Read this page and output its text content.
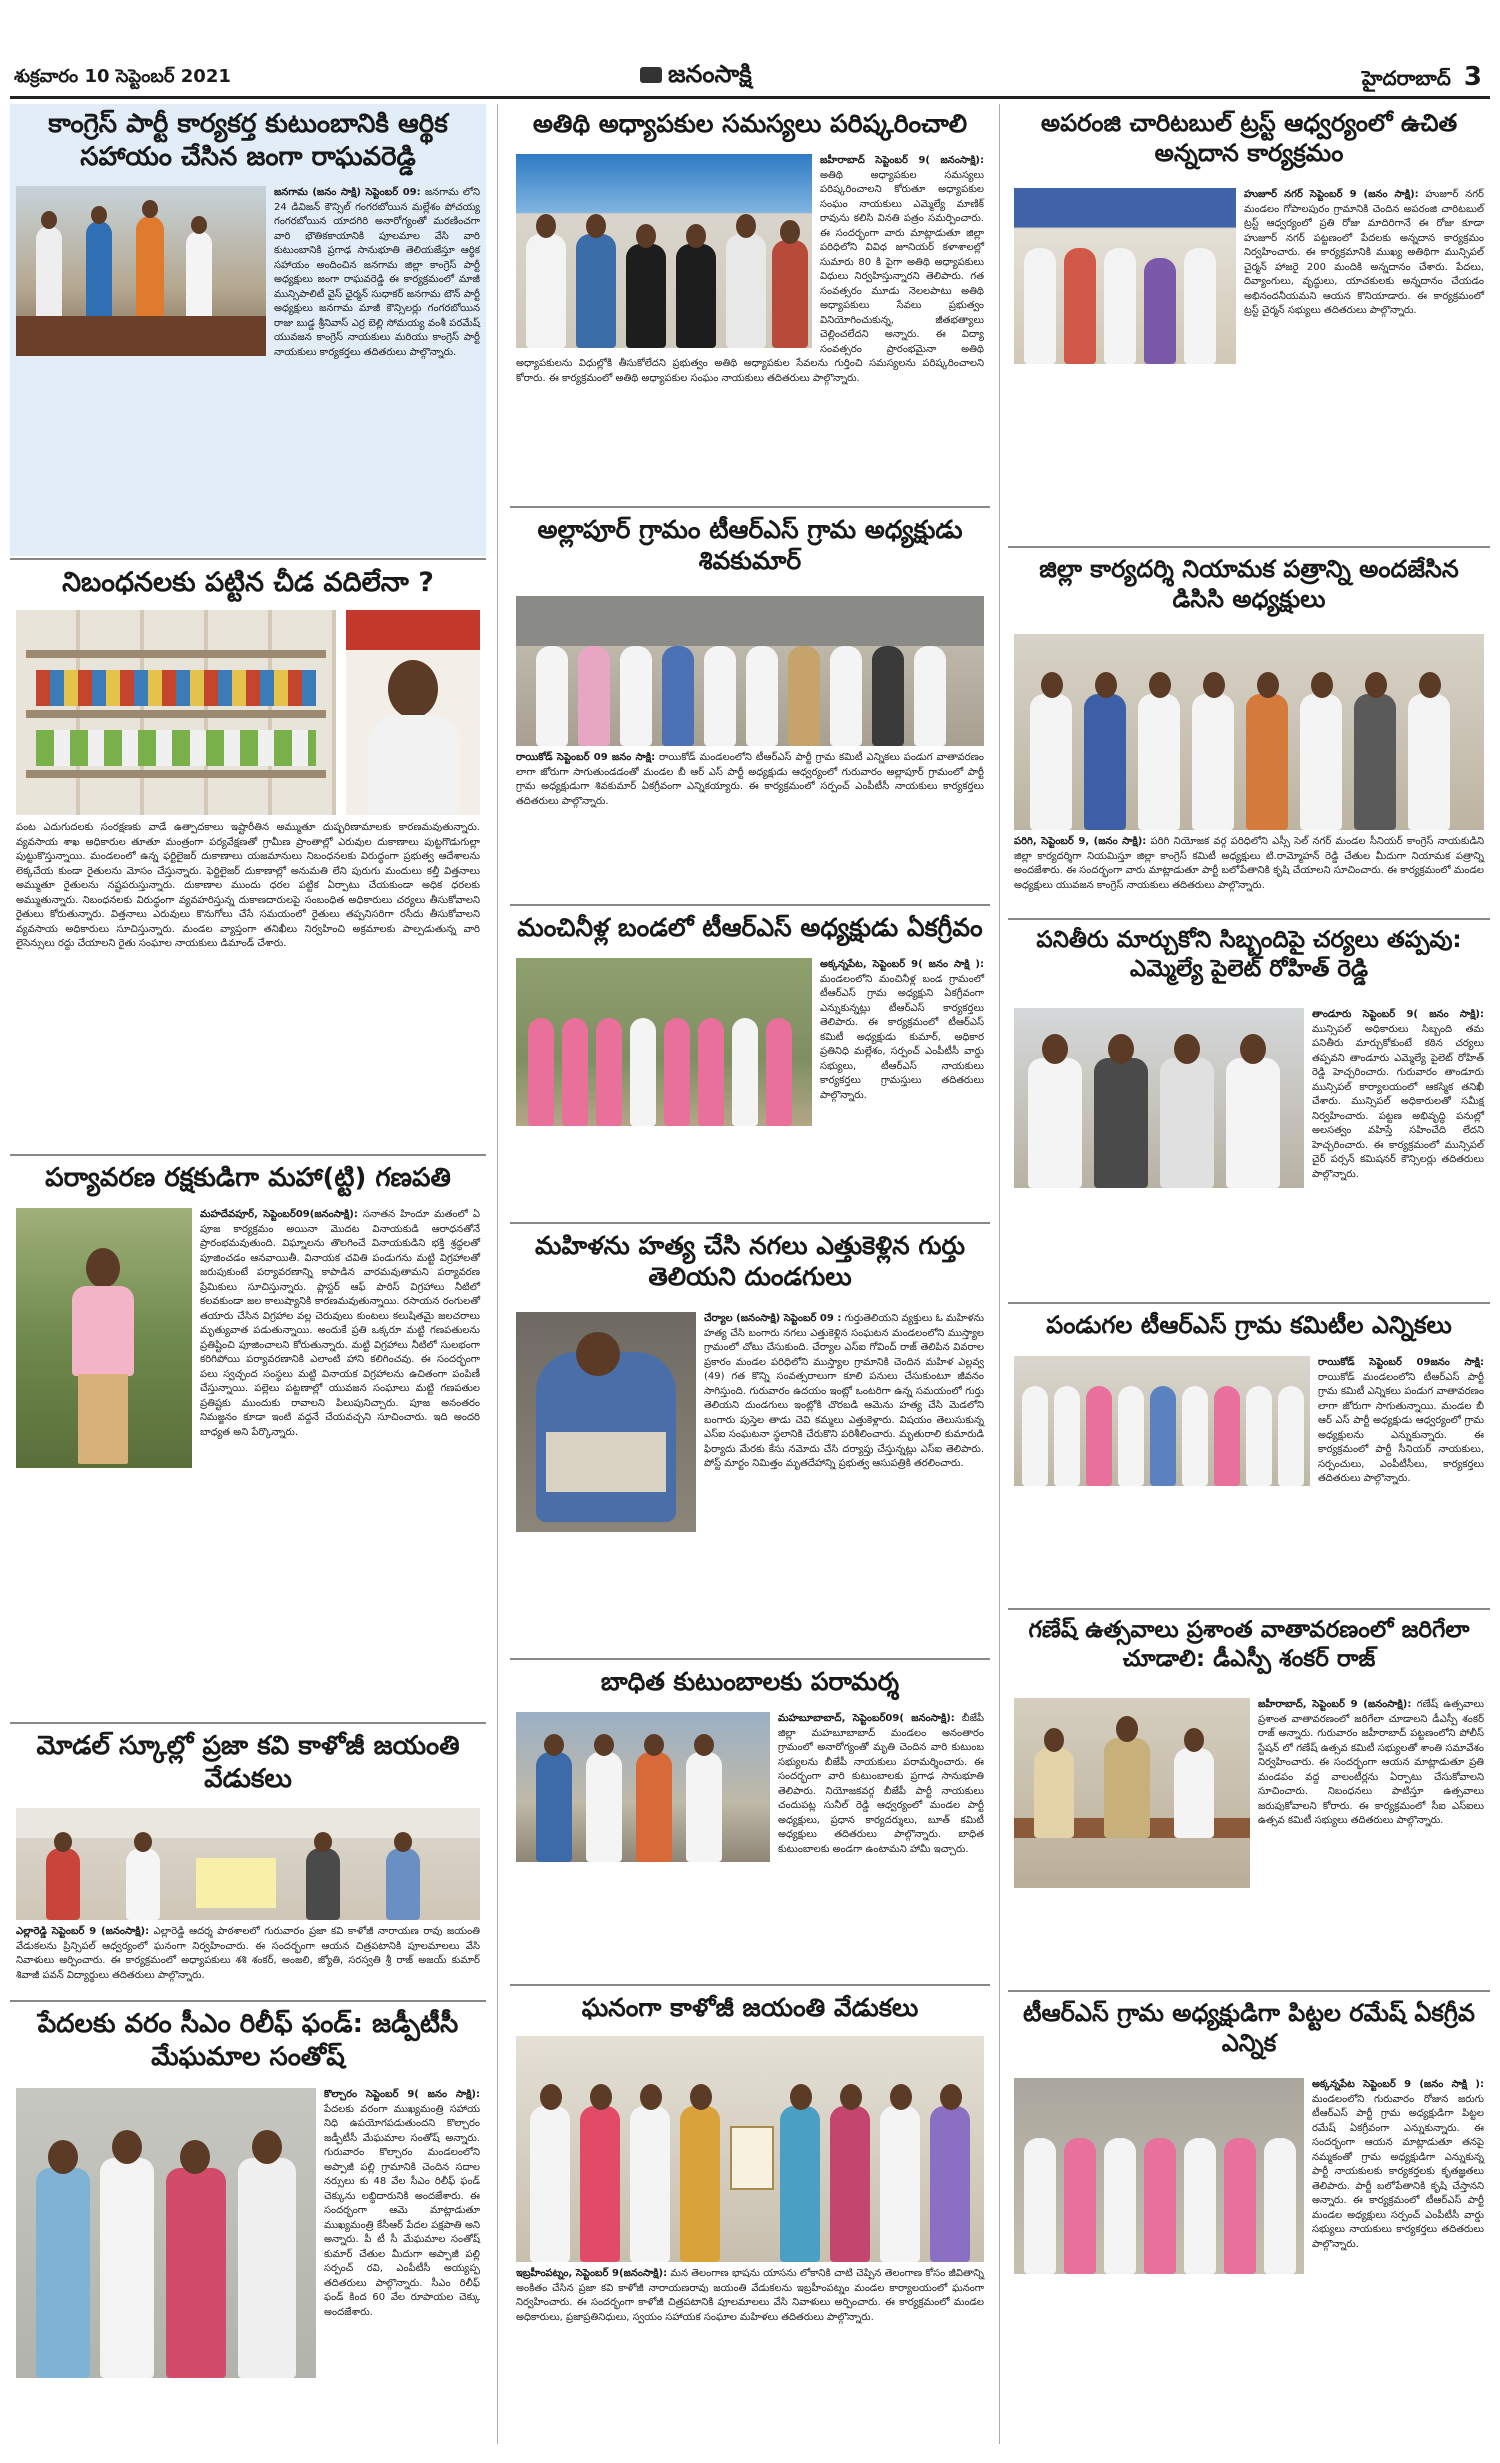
శుక్రవారం 10 సెప్టెంబర్ 2021	జనంసాక్షి	హైదరాబాద్ 3
కాంగ్రెస్ పార్టీ కార్యకర్త కుటుంబానికి ఆర్థిక సహాయం చేసిన జంగా రాఘవరెడ్డి
జనగామ (జనం సాక్షి) సెప్టెంబర్ 09: జనగామ లోని 24 డివిజన్ కౌన్సిల్ గంగరబోయిన మల్లేశం పోచయ్య గంగరబోయిన యాదగిరి అనారోగ్యంతో మరణించగా వారి భౌతికకాయానికి పూలమాల వేసి వారి కుటుంబానికి ప్రగాఢ సానుభూతి తెలియజేస్తూ ఆర్థిక సహాయం అందించిన జనగామ జిల్లా కాంగ్రెస్ పార్టీ అధ్యక్షులు జంగా రాఘవరెడ్డి ఈ కార్యక్రమంలో మాజీ మున్సిపాలిటీ వైస్ ఛైర్మన్ సుధాకర్ జనగామ టౌన్ పార్టీ అధ్యక్షులు జనగామ మాజీ కౌన్సిలర్లు గంగరబోయిన రాజు బుడ్డ శ్రీనివాస్ ఎర్ర బెల్లి సోమయ్య వంశీ పరమేష్ యువజన కాంగ్రెస్ నాయకులు మరియు కాంగ్రెస్ పార్టీ నాయకులు కార్యకర్తలు తదితరులు పాల్గొన్నారు.
నిబంధనలకు పట్టిన చీడ వదిలేనా ?
పంట ఎదుగుదలకు సంరక్షణకు వాడే ఉత్పాదకాలు ఇష్టారీతిన అమ్ముతూ దుష్పరిణామాలకు కారణమవుతున్నారు. వ్యవసాయ శాఖ అధికారుల తూతూ మంత్రంగా పర్యవేక్షణతో గ్రామీణ ప్రాంతాల్లో ఎరువుల దుకాణాలు పుట్టగొడుగుల్లా పుట్టుకొస్తున్నాయి. మండలంలో ఉన్న ఫర్టిలైజర్ దుకాణాలు యజమానులు నిబంధనలకు విరుద్ధంగా ప్రభుత్వ ఆదేశాలను లెక్కచేయ కుండా రైతులను మోసం చేస్తున్నారు. ఫెర్టిలైజర్ దుకాణాల్లో అనుమతి లేని పురుగు మందులు కల్తీ విత్తనాలు అమ్ముతూ రైతులను నష్టపరుస్తున్నారు. దుకాణాల ముందు ధరల పట్టిక ఏర్పాటు చేయకుండా అధిక ధరలకు అమ్ముతున్నారు. నిబంధనలకు విరుద్ధంగా వ్యవహరిస్తున్న దుకాణదారులపై సంబంధిత అధికారులు చర్యలు తీసుకోవాలని రైతులు కోరుతున్నారు. విత్తనాలు ఎరువులు కొనుగోలు చేసే సమయంలో రైతులు తప్పనిసరిగా రసీదు తీసుకోవాలని వ్యవసాయ అధికారులు సూచిస్తున్నారు. మండల వ్యాప్తంగా తనిఖీలు నిర్వహించి అక్రమాలకు పాల్పడుతున్న వారి లైసెన్సులు రద్దు చేయాలని రైతు సంఘాల నాయకులు డిమాండ్ చేశారు.
పర్యావరణ రక్షకుడిగా మహా(ట్టి) గణపతి
మహదేవపూర్, సెప్టెంబర్09(జనంసాక్షి): సనాతన హిందూ మతంలో ఏ పూజ కార్యక్రమం అయినా మొదట వినాయకుడి ఆరాధనతోనే ప్రారంభమవుతుంది. విఘ్నాలను తొలగించే వినాయకుడిని భక్తి శ్రద్ధలతో పూజించడం ఆనవాయితీ. వినాయక చవితి పండుగను మట్టి విగ్రహాలతో జరుపుకుంటే పర్యావరణాన్ని కాపాడిన వారమవుతామని పర్యావరణ ప్రేమికులు సూచిస్తున్నారు. ప్లాస్టర్ ఆఫ్ పారిస్ విగ్రహాలు నీటిలో కలవకుండా జల కాలుష్యానికి కారణమవుతున్నాయి. రసాయన రంగులతో తయారు చేసిన విగ్రహాల వల్ల చెరువులు కుంటలు కలుషితమై జలచరాలు మృత్యువాత పడుతున్నాయి. అందుకే ప్రతి ఒక్కరూ మట్టి గణపతులను ప్రతిష్టించి పూజించాలని కోరుతున్నారు. మట్టి విగ్రహాలు నీటిలో సులభంగా కరిగిపోయి పర్యావరణానికి ఎలాంటి హాని కలిగించవు. ఈ సందర్భంగా పలు స్వచ్ఛంద సంస్థలు మట్టి వినాయక విగ్రహాలను ఉచితంగా పంపిణీ చేస్తున్నాయి. పల్లెలు పట్టణాల్లో యువజన సంఘాలు మట్టి గణపతుల ప్రతిష్టకు ముందుకు రావాలని పిలుపునిచ్చారు. పూజ అనంతరం నిమజ్జనం కూడా ఇంటి వద్దనే చేయవచ్చని సూచించారు. ఇది అందరి బాధ్యత అని పేర్కొన్నారు.
మోడల్ స్కూల్లో ప్రజా కవి కాళోజీ జయంతి వేడుకలు
ఎల్లారెడ్డి సెప్టెంబర్ 9 (జనంసాక్షి): ఎల్లారెడ్డి ఆదర్శ పాఠశాలలో గురువారం ప్రజా కవి కాళోజీ నారాయణ రావు జయంతి వేడుకలను ప్రిన్సిపల్ ఆధ్వర్యంలో ఘనంగా నిర్వహించారు. ఈ సందర్భంగా ఆయన చిత్రపటానికి పూలమాలలు వేసి నివాళులు అర్పించారు. ఈ కార్యక్రమంలో అధ్యాపకులు శశి శంకర్, అంజలి, జ్యోతి, సరస్వతి శ్రీ రాజ్ అజయ్ కుమార్ శివాజీ పవన్ విద్యార్థులు తదితరులు పాల్గొన్నారు.
పేదలకు వరం సీఎం రిలీఫ్ ఫండ్: జడ్పీటీసీ మేఘమాల సంతోష్
కొల్చారం సెప్టెంబర్ 9( జనం సాక్షి): పేదలకు వరంగా ముఖ్యమంత్రి సహాయ నిధి ఉపయోగపడుతుందని కొల్చారం జడ్పీటీసీ మేఘమాల సంతోష్ అన్నారు. గురువారం కొల్చారం మండలంలోని అప్పాజీ పల్లి గ్రామానికి చెందిన సదాల నర్సులు కు 48 వేల సీఎం రిలీఫ్ ఫండ్ చెక్కును లబ్ధిదారునికి అందజేశారు. ఈ సందర్భంగా ఆమె మాట్లాడుతూ ముఖ్యమంత్రి కేసీఆర్ పేదల పక్షపాతి అని అన్నారు. పీ టీ సీ మేఘమాల సంతోష్ కుమార్ చేతుల మీదుగా అప్పాజీ పల్లి సర్పంచ్ రవి, ఎంపీటీసీ అయ్యప్ప తదితరులు పాల్గొన్నారు. సీఎం రిలీఫ్ ఫండ్ కింద 60 వేల రూపాయల చెక్కు అందజేశారు.
అతిథి అధ్యాపకుల సమస్యలు పరిష్కరించాలి
జహీరాబాద్ సెప్టెంబర్ 9( జనంసాక్షి): అతిథి అధ్యాపకుల సమస్యలు పరిష్కరించాలని కోరుతూ అధ్యాపకుల సంఘం నాయకులు ఎమ్మెల్యే మాణిక్ రావును కలిసి వినతి పత్రం సమర్పించారు. ఈ సందర్భంగా వారు మాట్లాడుతూ జిల్లా పరిధిలోని వివిధ జూనియర్ కళాశాలల్లో సుమారు 80 కి పైగా అతిథి అధ్యాపకులు విధులు నిర్వహిస్తున్నారని తెలిపారు. గత సంవత్సరం మూడు నెలలపాటు అతిథి అధ్యాపకులు సేవలు ప్రభుత్వం వినియోగించుకున్న, జీతభత్యాలు చెల్లించలేదని అన్నారు. ఈ విద్యా సంవత్సరం ప్రారంభమైనా అతిథి అధ్యాపకులను విధుల్లోకి తీసుకోలేదని ప్రభుత్వం అతిథి అధ్యాపకుల సేవలను గుర్తించి సమస్యలను పరిష్కరించాలని కోరారు. ఈ కార్యక్రమంలో అతిథి అధ్యాపకుల సంఘం నాయకులు తదితరులు పాల్గొన్నారు.
అల్లాపూర్ గ్రామం టీఆర్ఎస్ గ్రామ అధ్యక్షుడు శివకుమార్
రాయికోడ్ సెప్టెంబర్ 09 జనం సాక్షి: రాయికోడ్ మండలంలోని టీఆర్ఎస్ పార్టీ గ్రామ కమిటీ ఎన్నికలు పండుగ వాతావరణం లాగా జోరుగా సాగుతుండడంతో మండల బీ ఆర్ ఎస్ పార్టీ అధ్యక్షుడు ఆధ్వర్యంలో గురువారం అల్లాపూర్ గ్రామంలో పార్టీ గ్రామ అధ్యక్షుడుగా శివకుమార్ ఏకగ్రీవంగా ఎన్నికయ్యారు. ఈ కార్యక్రమంలో సర్పంచ్ ఎంపీటీసీ నాయకులు కార్యకర్తలు తదితరులు పాల్గొన్నారు.
మంచినీళ్ల బండలో టీఆర్ఎస్ అధ్యక్షుడు ఏకగ్రీవం
అక్కన్నపేట, సెప్టెంబర్ 9( జనం సాక్షి ): మండలంలోని మంచినీళ్ల బండ గ్రామంలో టీఆర్ఎస్ గ్రామ అధ్యక్షుని ఏకగ్రీవంగా ఎన్నుకున్నట్లు టీఆర్ఎస్ కార్యకర్తలు తెలిపారు. ఈ కార్యక్రమంలో టీఆర్ఎస్ కమిటీ అధ్యక్షుడు కుమార్, అధికార ప్రతినిధి మల్లేశం, సర్పంచ్ ఎంపీటీసీ వార్డు సభ్యులు, టీఆర్ఎస్ నాయకులు కార్యకర్తలు గ్రామస్తులు తదితరులు పాల్గొన్నారు.
మహిళను హత్య చేసి నగలు ఎత్తుకెళ్లిన గుర్తు తెలియని దుండగులు
చేర్యాల (జనంసాక్షి) సెప్టెంబర్ 09 : గుర్తుతెలియని వ్యక్తులు ఓ మహిళను హత్య చేసి బంగారు నగలు ఎత్తుకెళ్లిన సంఘటన మండలంలోని ముస్త్యాల గ్రామంలో చోటు చేసుకుంది. చేర్యాల ఎస్ఐ గోవింద్ రాజ్ తెలిపిన వివరాల ప్రకారం మండల పరిధిలోని ముస్త్యాల గ్రామానికి చెందిన మహిళ ఎల్లవ్వ (49) గత కొన్ని సంవత్సరాలుగా కూలి పనులు చేసుకుంటూ జీవనం సాగిస్తుంది. గురువారం ఉదయం ఇంట్లో ఒంటరిగా ఉన్న సమయంలో గుర్తు తెలియని దుండగులు ఇంట్లోకి చొరబడి ఆమెను హత్య చేసి మెడలోని బంగారు పుస్తెల తాడు చెవి కమ్మలు ఎత్తుకెళ్లారు. విషయం తెలుసుకున్న ఎస్ఐ సంఘటనా స్థలానికి చేరుకొని పరిశీలించారు. మృతురాలి కుమారుడి ఫిర్యాదు మేరకు కేసు నమోదు చేసి దర్యాప్తు చేస్తున్నట్లు ఎస్ఐ తెలిపారు. పోస్ట్ మార్టం నిమిత్తం మృతదేహాన్ని ప్రభుత్వ ఆసుపత్రికి తరలించారు.
బాధిత కుటుంబాలకు పరామర్శ
మహబూబాబాద్, సెప్టెంబర్09( జనంసాక్షి): బీజేపీ జిల్లా మహబూబాబాద్ మండలం అనంతారం గ్రామంలో అనారోగ్యంతో మృతి చెందిన వారి కుటుంబ సభ్యులను బీజేపీ నాయకులు పరామర్శించారు. ఈ సందర్భంగా వారి కుటుంబాలకు ప్రగాఢ సానుభూతి తెలిపారు. నియోజకవర్గ బీజేపీ పార్టీ నాయకులు చందుపట్ల సునీల్ రెడ్డి ఆధ్వర్యంలో మండల పార్టీ అధ్యక్షులు, ప్రధాన కార్యదర్శులు, బూత్ కమిటీ అధ్యక్షులు తదితరులు పాల్గొన్నారు. బాధిత కుటుంబాలకు అండగా ఉంటామని హామీ ఇచ్చారు.
ఘనంగా కాళోజీ జయంతి వేడుకలు
ఇబ్రహీంపట్నం, సెప్టెంబర్ 9(జనంసాక్షి): మన తెలంగాణ భాషను యాసను లోకానికి చాటి చెప్పిన తెలంగాణ కోసం జీవితాన్ని అంకితం చేసిన ప్రజా కవి కాళోజీ నారాయణరావు జయంతి వేడుకలను ఇబ్రహీంపట్నం మండల కార్యాలయంలో ఘనంగా నిర్వహించారు. ఈ సందర్భంగా కాళోజీ చిత్రపటానికి పూలమాలలు వేసి నివాళులు అర్పించారు. ఈ కార్యక్రమంలో మండల అధికారులు, ప్రజాప్రతినిధులు, స్వయం సహాయక సంఘాల మహిళలు తదితరులు పాల్గొన్నారు.
అపరంజి చారిటబుల్ ట్రస్ట్ ఆధ్వర్యంలో ఉచిత అన్నదాన కార్యక్రమం
హుజూర్ నగర్ సెప్టెంబర్ 9 (జనం సాక్షి): హుజూర్ నగర్ మండలం గోపాలపురం గ్రామానికి చెందిన అపరంజి చారిటబుల్ ట్రస్ట్ ఆధ్వర్యంలో ప్రతి రోజు మాదిరిగానే ఈ రోజు కూడా హుజూర్ నగర్ పట్టణంలో పేదలకు అన్నదాన కార్యక్రమం నిర్వహించారు. ఈ కార్యక్రమానికి ముఖ్య అతిథిగా మున్సిపల్ చైర్మన్ హాజరై 200 మందికి అన్నదానం చేశారు. పేదలు, దివ్యాంగులు, వృద్ధులు, యాచకులకు అన్నదానం చేయడం అభినందనీయమని ఆయన కొనియాడారు. ఈ కార్యక్రమంలో ట్రస్ట్ చైర్మన్ సభ్యులు తదితరులు పాల్గొన్నారు.
జిల్లా కార్యదర్శి నియామక పత్రాన్ని అందజేసిన డిసిసి అధ్యక్షులు
పరిగి, సెప్టెంబర్ 9, (జనం సాక్షి): పరిగి నియోజక వర్గ పరిధిలోని ఎస్సీ సెల్ నగర్ మండల సీనియర్ కాంగ్రెస్ నాయకుడిని జిల్లా కార్యదర్శిగా నియమిస్తూ జిల్లా కాంగ్రెస్ కమిటీ అధ్యక్షులు టి.రామ్మోహన్ రెడ్డి చేతుల మీదుగా నియామక పత్రాన్ని అందజేశారు. ఈ సందర్భంగా వారు మాట్లాడుతూ పార్టీ బలోపేతానికి కృషి చేయాలని సూచించారు. ఈ కార్యక్రమంలో మండల అధ్యక్షులు యువజన కాంగ్రెస్ నాయకులు తదితరులు పాల్గొన్నారు.
పనితీరు మార్చుకోని సిబ్బందిపై చర్యలు తప్పవు: ఎమ్మెల్యే పైలెట్ రోహిత్ రెడ్డి
తాండూరు సెప్టెంబర్ 9( జనం సాక్షి): మున్సిపల్ అధికారులు సిబ్బంది తమ పనితీరు మార్చుకోకుంటే కఠిన చర్యలు తప్పవని తాండూరు ఎమ్మెల్యే పైలెట్ రోహిత్ రెడ్డి హెచ్చరించారు. గురువారం తాండూరు మున్సిపల్ కార్యాలయంలో ఆకస్మిక తనిఖీ చేశారు. మున్సిపల్ అధికారులతో సమీక్ష నిర్వహించారు. పట్టణ అభివృద్ధి పనుల్లో అలసత్వం వహిస్తే సహించేది లేదని హెచ్చరించారు. ఈ కార్యక్రమంలో మున్సిపల్ చైర్ పర్సన్ కమిషనర్ కౌన్సిలర్లు తదితరులు పాల్గొన్నారు.
పండుగల టీఆర్ఎస్ గ్రామ కమిటీల ఎన్నికలు
రాయికోడ్ సెప్టెంబర్ 09జనం సాక్షి: రాయికోడ్ మండలంలోని టీఆర్ఎస్ పార్టీ గ్రామ కమిటీ ఎన్నికలు పండుగ వాతావరణం లాగా జోరుగా సాగుతున్నాయి. మండల బీ ఆర్ ఎస్ పార్టీ అధ్యక్షుడు ఆధ్వర్యంలో గ్రామ అధ్యక్షులను ఎన్నుకున్నారు. ఈ కార్యక్రమంలో పార్టీ సీనియర్ నాయకులు, సర్పంచులు, ఎంపీటీసీలు, కార్యకర్తలు తదితరులు పాల్గొన్నారు.
గణేష్ ఉత్సవాలు ప్రశాంత వాతావరణంలో జరిగేలా చూడాలి: డీఎస్పీ శంకర్ రాజ్
జహీరాబాద్, సెప్టెంబర్ 9 (జనంసాక్షి): గణేష్ ఉత్సవాలు ప్రశాంత వాతావరణంలో జరిగేలా చూడాలని డీఎస్పీ శంకర్ రాజ్ అన్నారు. గురువారం జహీరాబాద్ పట్టణంలోని పోలీస్ స్టేషన్ లో గణేష్ ఉత్సవ కమిటీ సభ్యులతో శాంతి సమావేశం నిర్వహించారు. ఈ సందర్భంగా ఆయన మాట్లాడుతూ ప్రతి మండపం వద్ద వాలంటీర్లను ఏర్పాటు చేసుకోవాలని సూచించారు. నిబంధనలు పాటిస్తూ ఉత్సవాలు జరుపుకోవాలని కోరారు. ఈ కార్యక్రమంలో సీఐ ఎస్ఐలు ఉత్సవ కమిటీ సభ్యులు తదితరులు పాల్గొన్నారు.
టీఆర్ఎస్ గ్రామ అధ్యక్షుడిగా పిట్టల రమేష్ ఏకగ్రీవ ఎన్నిక
అక్కన్నపేట సెప్టెంబర్ 9 (జనం సాక్షి ): మండలంలోని గురువారం రోజున జరుగు టీఆర్ఎస్ పార్టీ గ్రామ అధ్యక్షుడిగా పిట్టల రమేష్ ఏకగ్రీవంగా ఎన్నుకున్నారు. ఈ సందర్భంగా ఆయన మాట్లాడుతూ తనపై నమ్మకంతో గ్రామ అధ్యక్షుడిగా ఎన్నుకున్న పార్టీ నాయకులకు కార్యకర్తలకు కృతజ్ఞతలు తెలిపారు. పార్టీ బలోపేతానికి కృషి చేస్తానని అన్నారు. ఈ కార్యక్రమంలో టీఆర్ఎస్ పార్టీ మండల అధ్యక్షులు సర్పంచ్ ఎంపీటీసీ వార్డు సభ్యులు నాయకులు కార్యకర్తలు తదితరులు పాల్గొన్నారు.
